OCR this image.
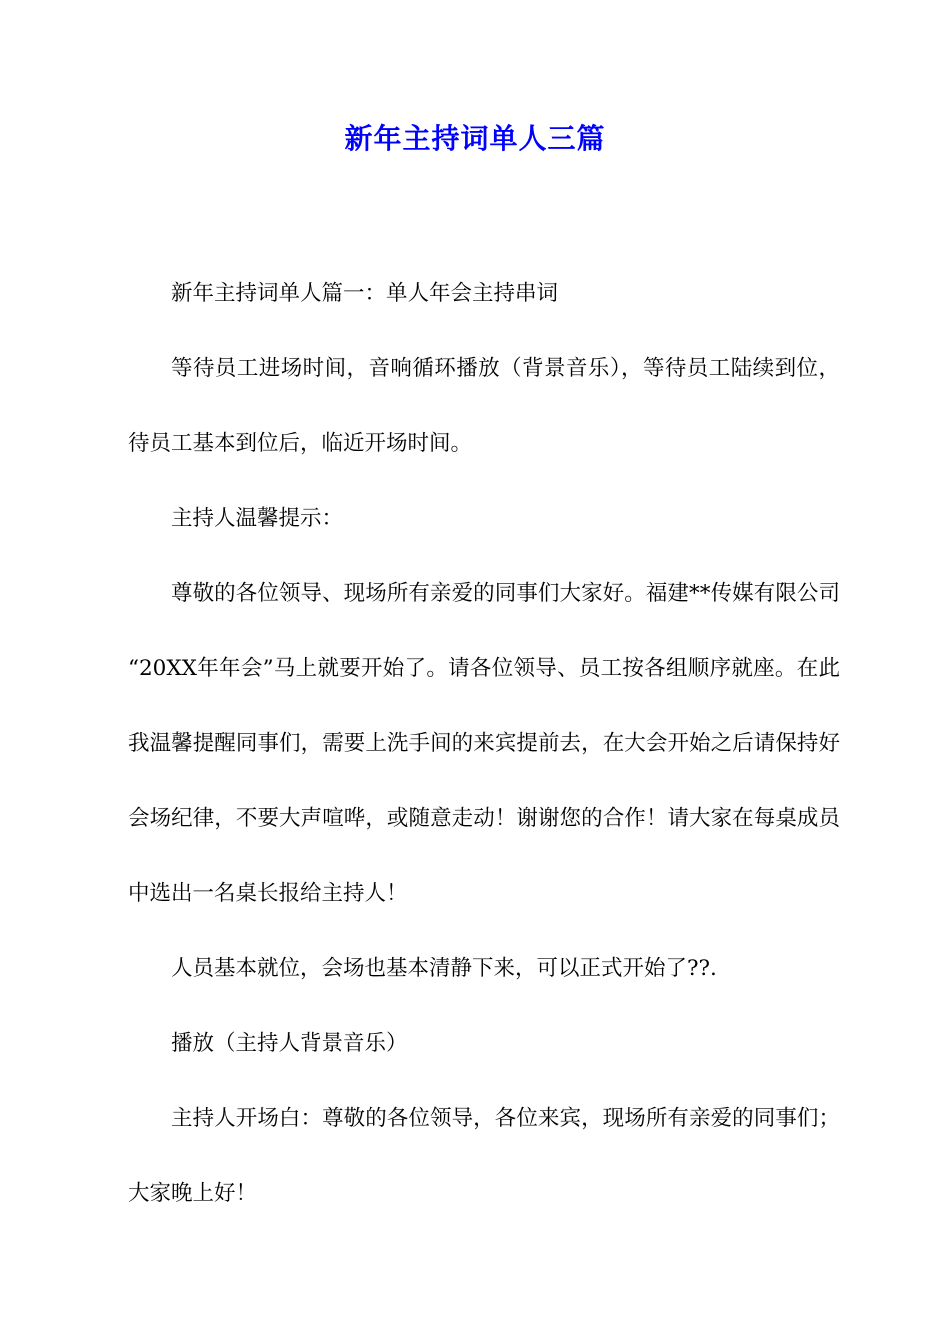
新年主持词单人三篇

新年主持词单人篇一：单人年会主持串词

等待员工进场时间，音响循环播放（背景音乐），等待员工陆续到位，待员工基本到位后，临近开场时间。

主持人温馨提示：

尊敬的各位领导、现场所有亲爱的同事们大家好。福建**传媒有限公司 “20XX年年会”马上就要开始了。请各位领导、员工按各组顺序就座。在此我温馨提醒同事们，需要上洗手间的来宾提前去，在大会开始之后请保持好会场纪律，不要大声喧哗，或随意走动！谢谢您的合作！请大家在每桌成员中选出一名桌长报给主持人！

人员基本就位，会场也基本清静下来，可以正式开始了??.

播放（主持人背景音乐）

主持人开场白：尊敬的各位领导，各位来宾，现场所有亲爱的同事们；大家晚上好！
